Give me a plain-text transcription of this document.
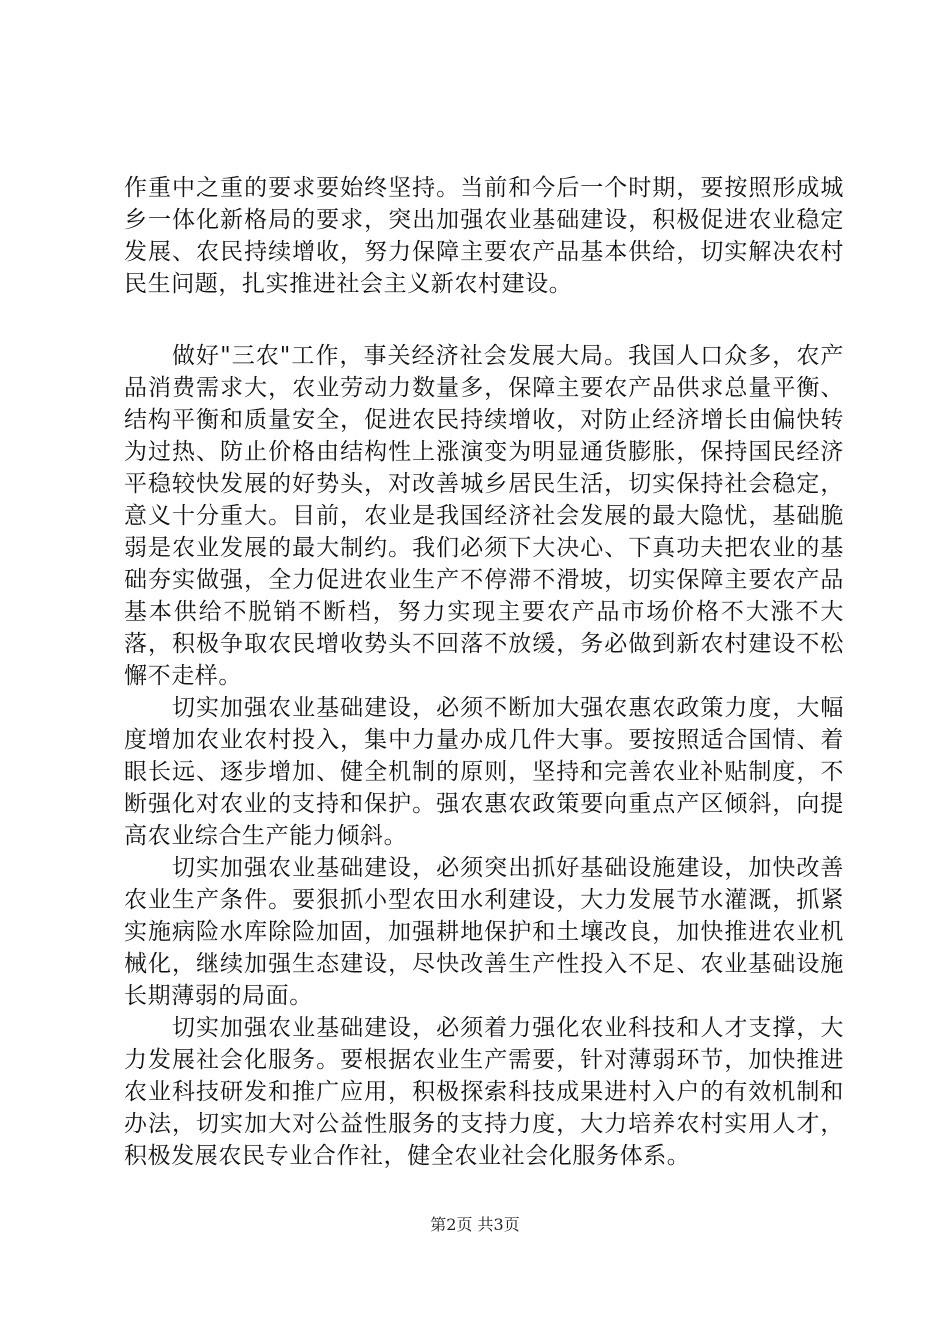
作重中之重的要求要始终坚持。当前和今后一个时期，要按照形成城乡一体化新格局的要求，突出加强农业基础建设，积极促进农业稳定发展、农民持续增收，努力保障主要农产品基本供给，切实解决农村民生问题，扎实推进社会主义新农村建设。

做好"三农"工作，事关经济社会发展大局。我国人口众多，农产品消费需求大，农业劳动力数量多，保障主要农产品供求总量平衡、结构平衡和质量安全，促进农民持续增收，对防止经济增长由偏快转为过热、防止价格由结构性上涨演变为明显通货膨胀，保持国民经济平稳较快发展的好势头，对改善城乡居民生活，切实保持社会稳定，意义十分重大。目前，农业是我国经济社会发展的最大隐忧，基础脆弱是农业发展的最大制约。我们必须下大决心、下真功夫把农业的基础夯实做强，全力促进农业生产不停滞不滑坡，切实保障主要农产品基本供给不脱销不断档，努力实现主要农产品市场价格不大涨不大落，积极争取农民增收势头不回落不放缓，务必做到新农村建设不松懈不走样。

切实加强农业基础建设，必须不断加大强农惠农政策力度，大幅度增加农业农村投入，集中力量办成几件大事。要按照适合国情、着眼长远、逐步增加、健全机制的原则，坚持和完善农业补贴制度，不断强化对农业的支持和保护。强农惠农政策要向重点产区倾斜，向提高农业综合生产能力倾斜。

切实加强农业基础建设，必须突出抓好基础设施建设，加快改善农业生产条件。要狠抓小型农田水利建设，大力发展节水灌溉，抓紧实施病险水库除险加固，加强耕地保护和土壤改良，加快推进农业机械化，继续加强生态建设，尽快改善生产性投入不足、农业基础设施长期薄弱的局面。

切实加强农业基础建设，必须着力强化农业科技和人才支撑，大力发展社会化服务。要根据农业生产需要，针对薄弱环节，加快推进农业科技研发和推广应用，积极探索科技成果进村入户的有效机制和办法，切实加大对公益性服务的支持力度，大力培养农村实用人才，积极发展农民专业合作社，健全农业社会化服务体系。

第2页 共3页
